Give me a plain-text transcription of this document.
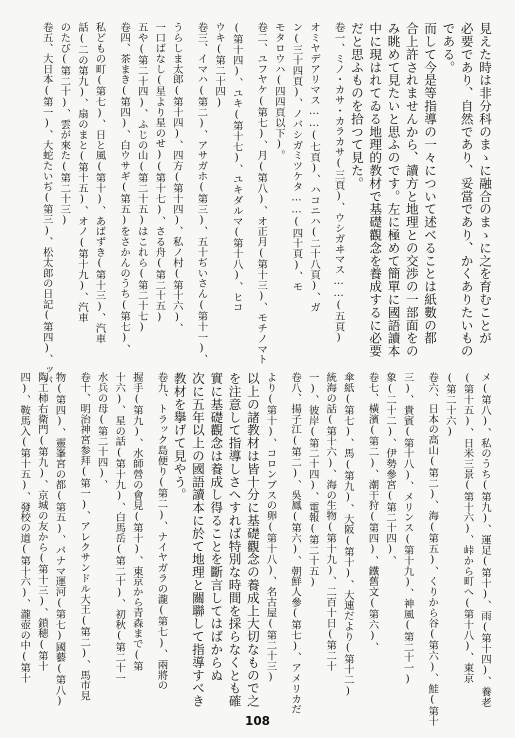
見えた時は非分科のまゝに融合のまゝに之を育むことが
必要であり、自然であり、妥當であり、かくありたいもの
である。
而して今是等指導の一々について述べることは紙數の都
合上許されませんから、讀方と地理との交渉の一部面をの
み眺めて見たいと思ふのです。左に極めて簡單に國語讀本
中に現はれてゐる地理的教材で基礎觀念を養成するに必要
だと思ふものを拾つて見た。
卷一、ミノ・カサ・カラカサ(三頁)、ウシガヰマス……(五頁)
オミヤデアリマス……(七頁)、ハコニハ(二十八頁)、ガ
ン(三十四頁)、ノバシガミツケタ……(四十頁)、モ
モタロウハ(四四頁以下)。
卷二、ユフヤケ(第七)、月(第八)、オ正月(第十三)、モチノマト
(第十四)、ユキ(第十七)、ユキダルマ(第十八)、ヒコ
ウキ(第二十四)
卷三、イマハ(第二)、アサガホ(第三)、五十ぢいさん(第十一)、
うらしま太郎(第十四)、四方(第十四)、私ノ村(第十六)、
一口ばなし(星より星のせ)(第十七)、さる舟(第二十五)
五や(第二十四)、ふじの山(第二十五)はこれら(第二十七)
卷四、茶まき(第四)、白ウサギ(第五)をさかんのうち(第七)、
私どもの町(第七)、日と風(第十)、あばずき(第十三)、汽車
話(二の第九)、扇のまと(第十五)、オノ(第十九)、汽車
のたび(第二十)、雲が來た(第二十三)
卷五、大日本(第一)、大蛇たいぢ(第三)、松太郎の日記(第四)、ッバ
メ(第八)、私のうち(第九)、運足(第十)、雨(第十四)、養老
(第十五)、日米三景(第十六)、峠から町へ(第十八)、東京
(第二十六)
卷六、日本の高山(第二)、海(第五)、くりから谷(第六)、鮭(第十
三)、貴賓(第十八)、メリンス(第十九)、神風(第二十一)
象(二十二)、伊勢參宮(第二十四)、
卷七、橫濱(第二)、潮干狩(第四)、鐵舊文(第六)、
傘紙(第七)、馬(第九)、大阪(第十)、大連だより(第十二)
統海の話(第十六)、海の生物(第十九)、二百十日(第二十
一)、彼岸(第二十四)、電報(第二十五)
卷八、揚子江(第二)、吳鳳(第六)、朝鮮人參(第七)、アメリカだ
より(第十)、コロンブスの卵(第十八)、名古屋(第二十三)
以上の諸教材は皆十分に基礎觀念の養成上大切なもので之
を注意して指導しさへすれば特別な時間を採らなくとも確
實に基礎觀念は養成し得ることを斷言してはばからぬ
次に五年以上の國語讀本に於て地理と關聯して指導すべき
教材を擧げて見やう。
卷九、トラック島便り(第二)、ナイヤガラの瀧(第七)、兩將の
握手(第九)、水師營の會見(第十)、東京から青森まで(第
十六)、星の話(第十九)、白馬岳(第二十)、初秋(第二十一
水兵の母(第二十四)、
卷十、明治神宮参拜(第一)、アレクサンドル大王(第二)、馬市見
物(第四)、靈峯宮の都(第五)、パナマ運河(第七)國藝(第八)
陶工柿右衛門(第九)、京城の友から(第十三)、鎖穂(第十
四)、鞍馬入(第十五)、發校の道(第十六)、瀧壺の中(第十
108
